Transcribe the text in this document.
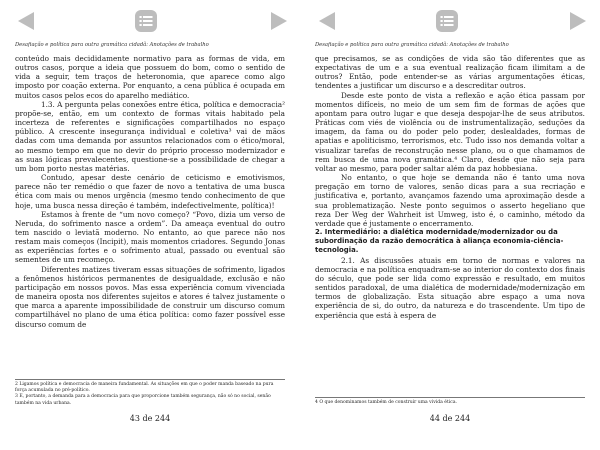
Desafiação e política para outra gramática cidadã: Anotações de trabalho

conteúdo mais decididamente normativo para as formas de vida, em outros casos, porque a ideia que possuem do bom, como o sentido de vida a seguir, tem traços de heteronomia, que aparece como algo imposto por coação externa. Por enquanto, a cena pública é ocupada em muitos casos pelos ecos do aparelho mediático.

1.3. A pergunta pelas conexões entre ética, política e democracia² propõe-se, então, em um contexto de formas vitais habitado pela incerteza de referentes e significações compartilhados no espaço público. A crescente insegurança individual e coletiva³ vai de mãos dadas com uma demanda por assuntos relacionados com o ético/moral, ao mesmo tempo em que no devir do próprio processo modernizador e as suas lógicas prevalecentes, questione-se a possibilidade de chegar a um bom porto nestas matérias.

Contudo, apesar deste cenário de ceticismo e emotivismos, parece não ter remédio o que fazer de novo a tentativa de uma busca ética com mais ou menos urgência (mesmo tendo conhecimento de que hoje, uma busca nessa direção é também, indefectivelmente, política)!

Estamos à frente de “um novo começo? “Povo, dizia um verso de Neruda, do sofrimento nasce a ordem”. Da ameaça eventual do outro tem nascido o leviatã moderno. No entanto, ao que parece não nos restam mais começos (Incipit), mais momentos criadores. Segundo Jonas as experiências fortes e o sofrimento atual, passado ou eventual são sementes de um recomeço.

Diferentes matizes tiveram essas situações de sofrimento, ligados a fenômenos históricos permanentes de desigualdade, exclusão e não participação em nossos povos. Mas essa experiência comum vivenciada de maneira oposta nos diferentes sujeitos e atores é talvez justamente o que marca a aparente impossibilidade de construir um discurso comum compartilhável no plano de uma ética política: como fazer possível esse discurso comum de

2 Ligamos política e democracia de maneira fundamental. As situações em que o poder manda baseado na pura força acumulada no pré-político.

3 E, portanto, a demanda para a democracia para que proporcione também segurança, não só no social, senão também na vida urbana.

43 de 244
Desafiação e política para outra gramática cidadã: Anotações de trabalho

que precisamos, se as condições de vida são tão diferentes que as expectativas de um e a sua eventual realização ficam ilimitam a de outros? Então, pode entender-se as várias argumentações éticas, tendentes a justificar um discurso e a descreditar outros.

Desde este ponto de vista a reflexão e ação ética passam por momentos difíceis, no meio de um sem fim de formas de ações que apontam para outro lugar e que deseja despojar-lhe de seus atributos. Práticas com viés de violência ou de instrumentalização, seduções da imagem, da fama ou do poder pelo poder, deslealdades, formas de apatias e apoliticismo, terrorismos, etc. Tudo isso nos demanda voltar a visualizar tarefas de reconstrução nesse plano, ou o que chamamos de rem busca de uma nova gramática.⁴ Claro, desde que não seja para voltar ao mesmo, para poder saltar além da paz hobbesiana.

No entanto, o que hoje se demanda não é tanto uma nova pregação em torno de valores, senão dicas para a sua recriação e justificativa e, portanto, avançamos fazendo uma aproximação desde a sua problematização. Neste ponto seguimos o asserto hegeliano que reza Der Weg der Wahrheit ist Umweg, isto é, o caminho, método da verdade que é justamente o encerramento.

2. Intermediário: a dialética modernidade/modernizador ou da subordinação da razão democrática à aliança economia-ciência-tecnologia.

2.1. As discussões atuais em torno de normas e valores na democracia e na política enquadram-se ao interior do contexto dos finais do século, que pode ser lida como expressão e resultado, em muitos sentidos paradoxal, de uma dialética de modernidade/modernização em termos de globalização. Esta situação abre espaço a uma nova experiência de si, do outro, da natureza e do trascendente. Um tipo de experiência que está à espera de

4 O que denominamos também de construir uma vivida ética.

44 de 244
